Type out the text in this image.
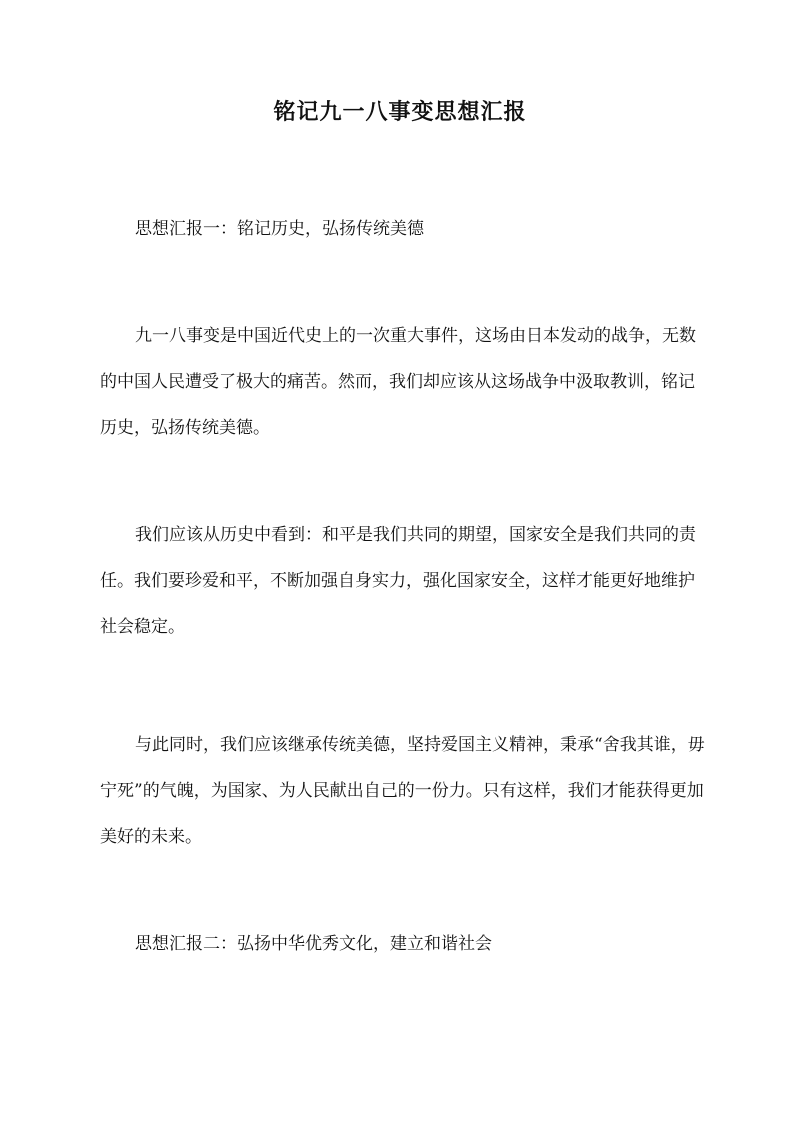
铭记九一八事变思想汇报

思想汇报一：铭记历史，弘扬传统美德

九一八事变是中国近代史上的一次重大事件，这场由日本发动的战争，无数的中国人民遭受了极大的痛苦。然而，我们却应该从这场战争中汲取教训，铭记历史，弘扬传统美德。

我们应该从历史中看到：和平是我们共同的期望，国家安全是我们共同的责任。我们要珍爱和平，不断加强自身实力，强化国家安全，这样才能更好地维护社会稳定。

与此同时，我们应该继承传统美德，坚持爱国主义精神，秉承“舍我其谁，毋宁死”的气魄，为国家、为人民献出自己的一份力。只有这样，我们才能获得更加美好的未来。

思想汇报二：弘扬中华优秀文化，建立和谐社会
